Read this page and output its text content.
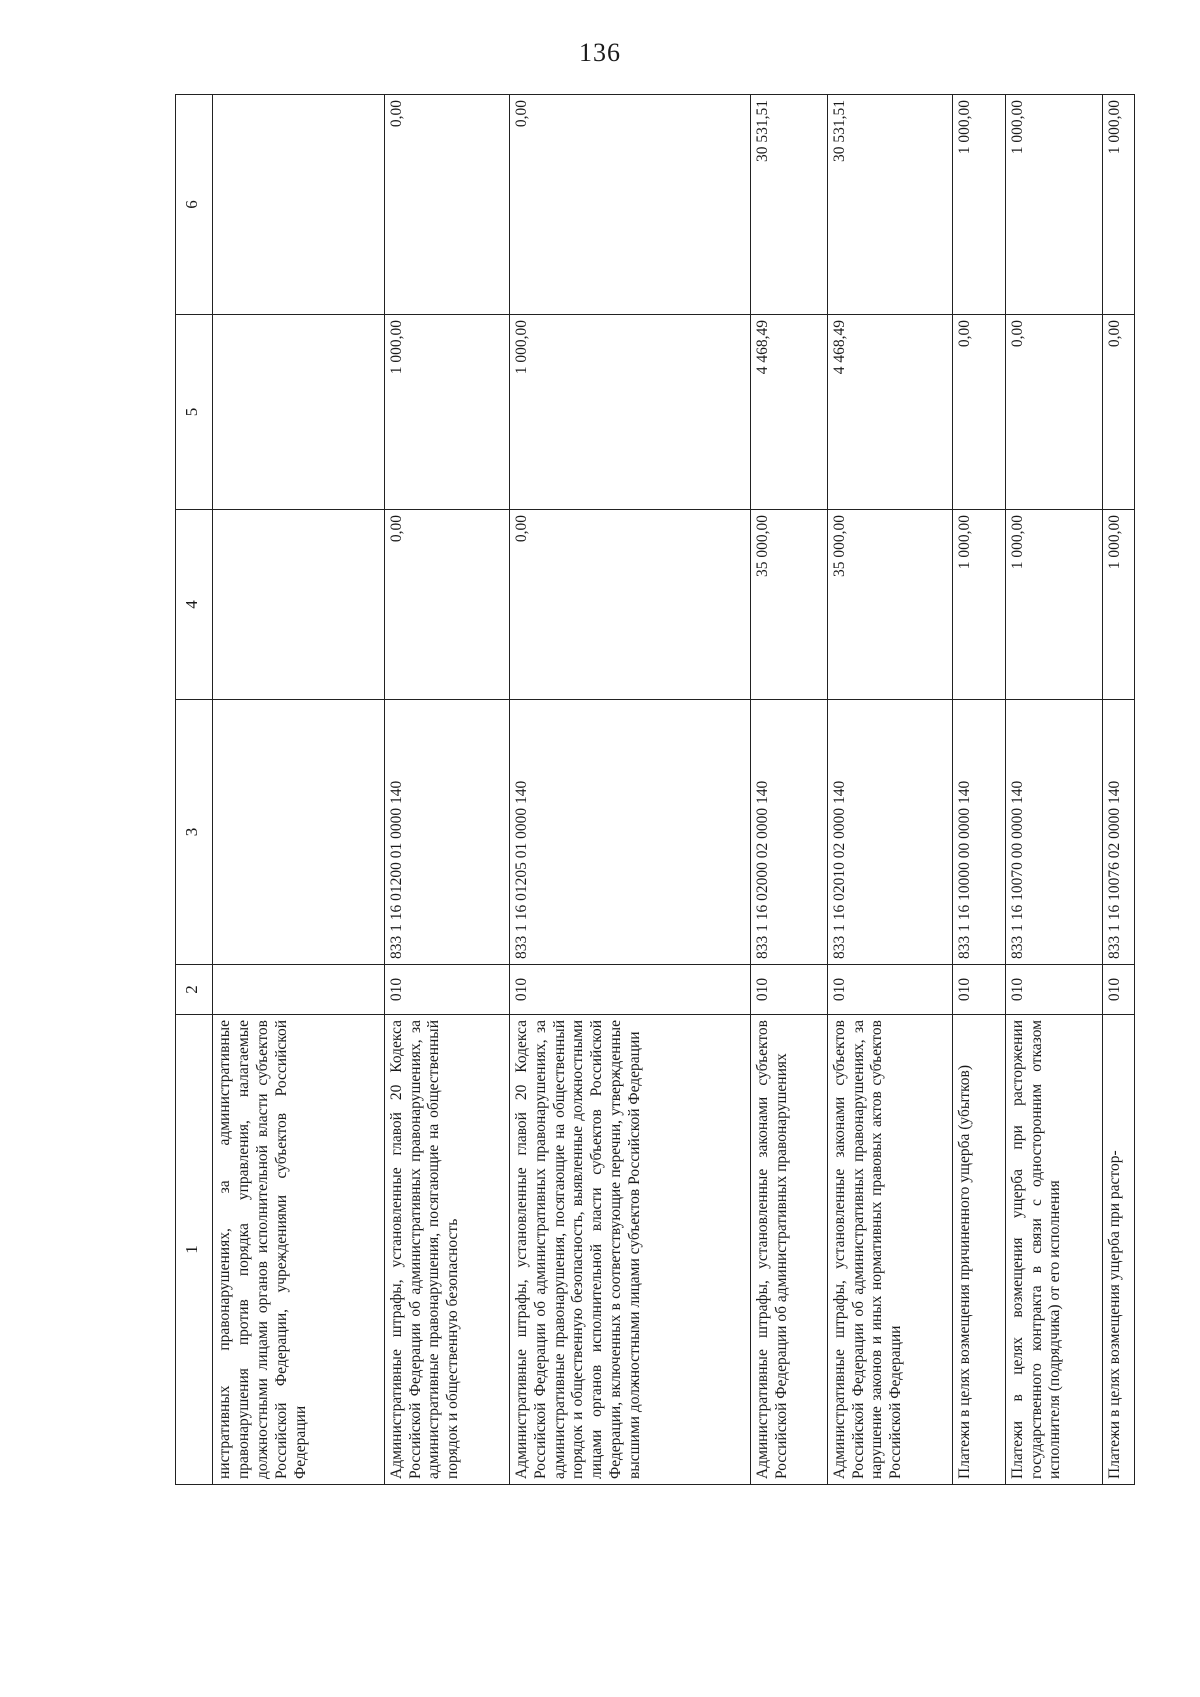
136
1	2	3	4	5	6
нистративных правонарушениях, за административные правонарушения против порядка управления, налагаемые должностными лицами органов исполнительной власти субъектов Российской Федерации, учреждениями субъектов Российской Федерации					
Административные штрафы, установленные главой 20 Кодекса Российской Федерации об административных правонарушениях, за административные правонарушения, посягающие на общественный порядок и общественную безопасность	010	833 1 16 01200 01 0000 140	0,00	1 000,00	0,00
Административные штрафы, установленные главой 20 Кодекса Российской Федерации об административных правонарушениях, за административные правонарушения, посягающие на общественный порядок и общественную безопасность, выявленные должностными лицами органов исполнительной власти субъектов Российской Федерации, включенных в соответствующие перечни, утвержденные высшими должностными лицами субъектов Российской Федерации	010	833 1 16 01205 01 0000 140	0,00	1 000,00	0,00
Административные штрафы, установленные законами субъектов Российской Федерации об административных правонарушениях	010	833 1 16 02000 02 0000 140	35 000,00	4 468,49	30 531,51
Административные штрафы, установленные законами субъектов Российской Федерации об административных правонарушениях, за нарушение законов и иных нормативных правовых актов субъектов Российской Федерации	010	833 1 16 02010 02 0000 140	35 000,00	4 468,49	30 531,51
Платежи в целях возмещения причиненного ущерба (убытков)	010	833 1 16 10000 00 0000 140	1 000,00	0,00	1 000,00
Платежи в целях возмещения ущерба при расторжении государственного контракта в связи с односторонним отказом исполнителя (подрядчика) от его исполнения	010	833 1 16 10070 00 0000 140	1 000,00	0,00	1 000,00
Платежи в целях возмещения ущерба при растор-	010	833 1 16 10076 02 0000 140	1 000,00	0,00	1 000,00
